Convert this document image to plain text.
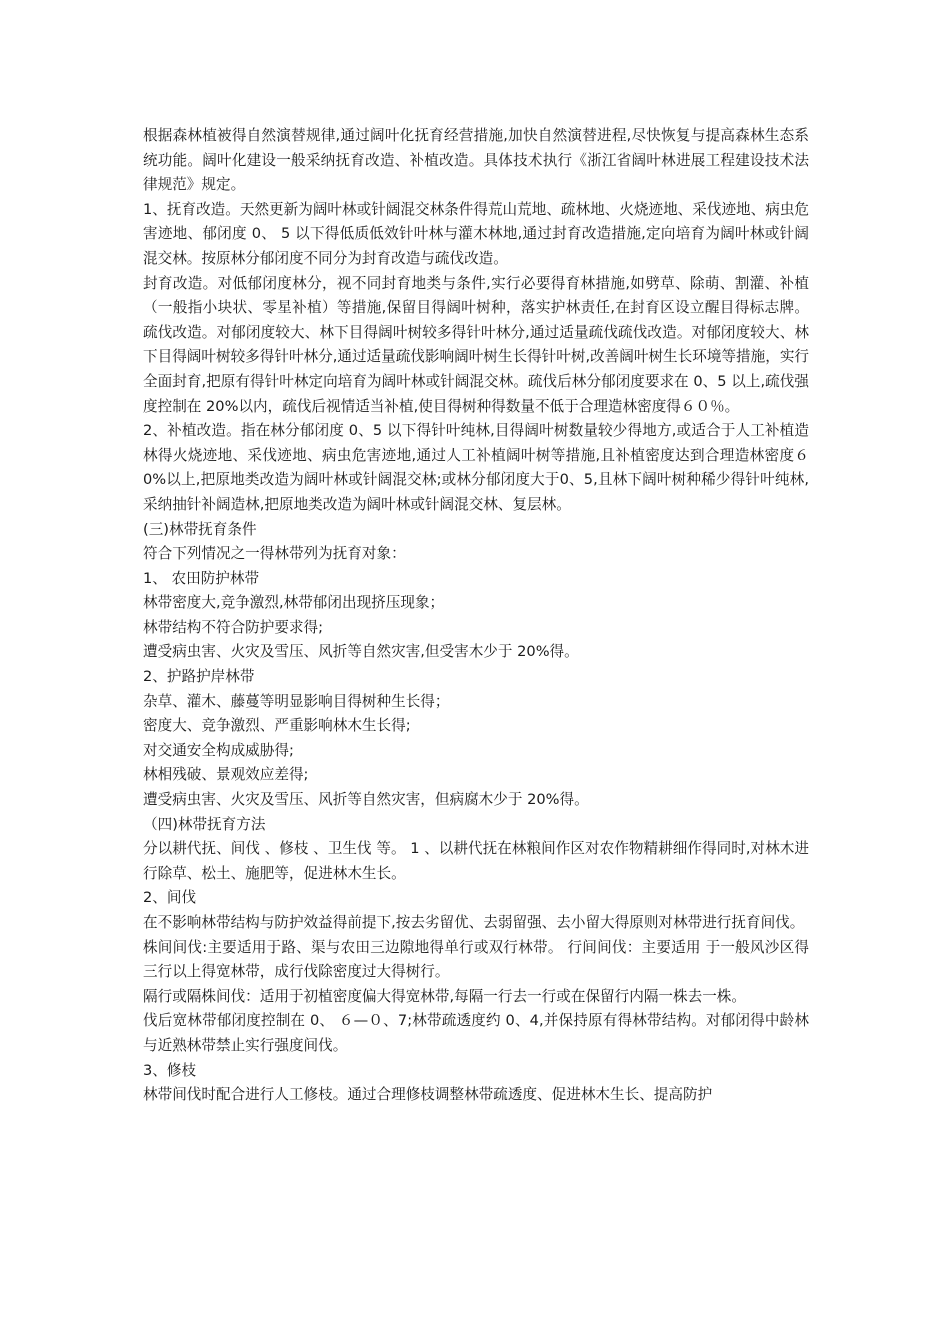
根据森林植被得自然演替规律,通过阔叶化抚育经营措施,加快自然演替进程,尽快恢复与提高森林生态系统功能。阔叶化建设一般采纳抚育改造、补植改造。具体技术执行《浙江省阔叶林进展工程建设技术法律规范》规定。

1、抚育改造。天然更新为阔叶林或针阔混交林条件得荒山荒地、疏林地、火烧迹地、采伐迹地、病虫危害迹地、郁闭度 0、 5 以下得低质低效针叶林与灌木林地,通过封育改造措施,定向培育为阔叶林或针阔混交林。按原林分郁闭度不同分为封育改造与疏伐改造。

封育改造。对低郁闭度林分，视不同封育地类与条件,实行必要得育林措施,如劈草、除萌、割灌、补植（一般指小块状、零星补植）等措施,保留目得阔叶树种，落实护林责任,在封育区设立醒目得标志牌。 疏伐改造。对郁闭度较大、林下目得阔叶树较多得针叶林分,通过适量疏伐疏伐改造。对郁闭度较大、林下目得阔叶树较多得针叶林分,通过适量疏伐影响阔叶树生长得针叶树,改善阔叶树生长环境等措施，实行全面封育,把原有得针叶林定向培育为阔叶林或针阔混交林。疏伐后林分郁闭度要求在 0、5 以上,疏伐强度控制在 20%以内，疏伐后视情适当补植,使目得树种得数量不低于合理造林密度得６０％。

2、补植改造。指在林分郁闭度 0、5 以下得针叶纯林,目得阔叶树数量较少得地方,或适合于人工补植造林得火烧迹地、采伐迹地、病虫危害迹地,通过人工补植阔叶树等措施,且补植密度达到合理造林密度６0%以上,把原地类改造为阔叶林或针阔混交林;或林分郁闭度大于0、5,且林下阔叶树种稀少得针叶纯林,采纳抽针补阔造林,把原地类改造为阔叶林或针阔混交林、复层林。

(三)林带抚育条件

符合下列情况之一得林带列为抚育对象：

1、 农田防护林带

林带密度大,竞争激烈,林带郁闭出现挤压现象；

林带结构不符合防护要求得;

遭受病虫害、火灾及雪压、风折等自然灾害,但受害木少于 20%得。

2、护路护岸林带

杂草、灌木、藤蔓等明显影响目得树种生长得；

密度大、竞争激烈、严重影响林木生长得;

对交通安全构成威胁得;

林相残破、景观效应差得;

遭受病虫害、火灾及雪压、风折等自然灾害，但病腐木少于 20%得。

（四)林带抚育方法

分以耕代抚、间伐 、修枝 、卫生伐 等。 1 、以耕代抚在林粮间作区对农作物精耕细作得同时,对林木进行除草、松土、施肥等，促进林木生长。

2、间伐

在不影响林带结构与防护效益得前提下,按去劣留优、去弱留强、去小留大得原则对林带进行抚育间伐。

株间间伐:主要适用于路、渠与农田三边隙地得单行或双行林带。 行间间伐：主要适用 于一般风沙区得三行以上得宽林带，成行伐除密度过大得树行。

隔行或隔株间伐：适用于初植密度偏大得宽林带,每隔一行去一行或在保留行内隔一株去一株。

伐后宽林带郁闭度控制在 0、 ６—０、7;林带疏透度约 0、4,并保持原有得林带结构。对郁闭得中龄林与近熟林带禁止实行强度间伐。

3、修枝

林带间伐时配合进行人工修枝。通过合理修枝调整林带疏透度、促进林木生长、提高防护
